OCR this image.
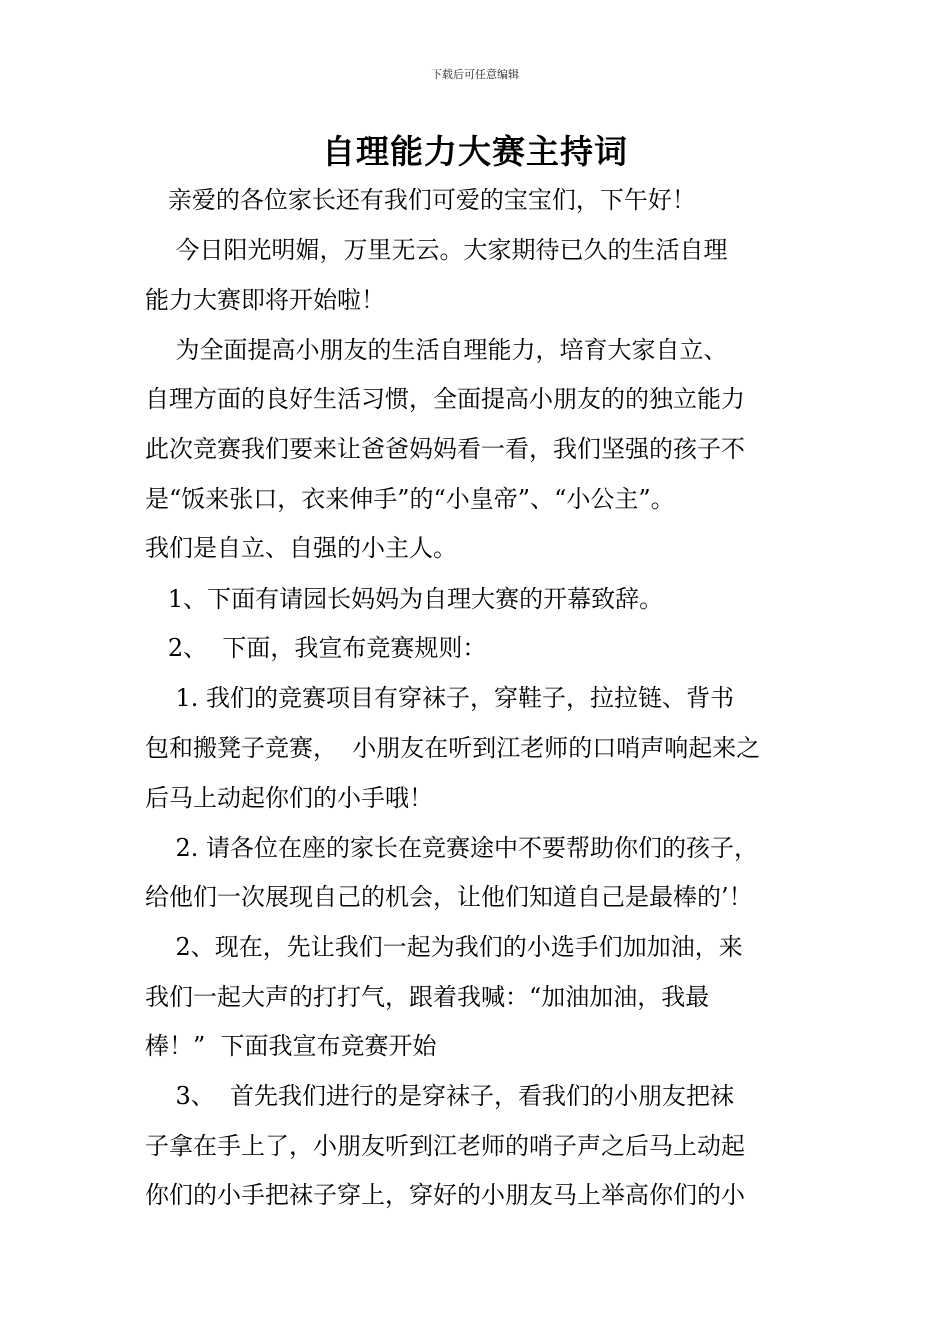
下载后可任意编辑
自理能力大赛主持词
亲爱的各位家长还有我们可爱的宝宝们，下午好！
今日阳光明媚，万里无云。大家期待已久的生活自理
能力大赛即将开始啦！
为全面提高小朋友的生活自理能力，培育大家自立、
自理方面的良好生活习惯，全面提高小朋友的的独立能力
此次竞赛我们要来让爸爸妈妈看一看，我们坚强的孩子不
是“饭来张口，衣来伸手”的“小皇帝”、“小公主”。
我们是自立、自强的小主人。
1、下面有请园长妈妈为自理大赛的开幕致辞。
2、  下面，我宣布竞赛规则：
1. 我们的竞赛项目有穿袜子，穿鞋子，拉拉链、背书
包和搬凳子竞赛，  小朋友在听到江老师的口哨声响起来之
后马上动起你们的小手哦！
2. 请各位在座的家长在竞赛途中不要帮助你们的孩子，
给他们一次展现自己的机会，让他们知道自己是最棒的’！
2、现在，先让我们一起为我们的小选手们加加油，来
我们一起大声的打打气，跟着我喊：“加油加油，我最
棒！”  下面我宣布竞赛开始
3、  首先我们进行的是穿袜子，看我们的小朋友把袜
子拿在手上了，小朋友听到江老师的哨子声之后马上动起
你们的小手把袜子穿上，穿好的小朋友马上举高你们的小
